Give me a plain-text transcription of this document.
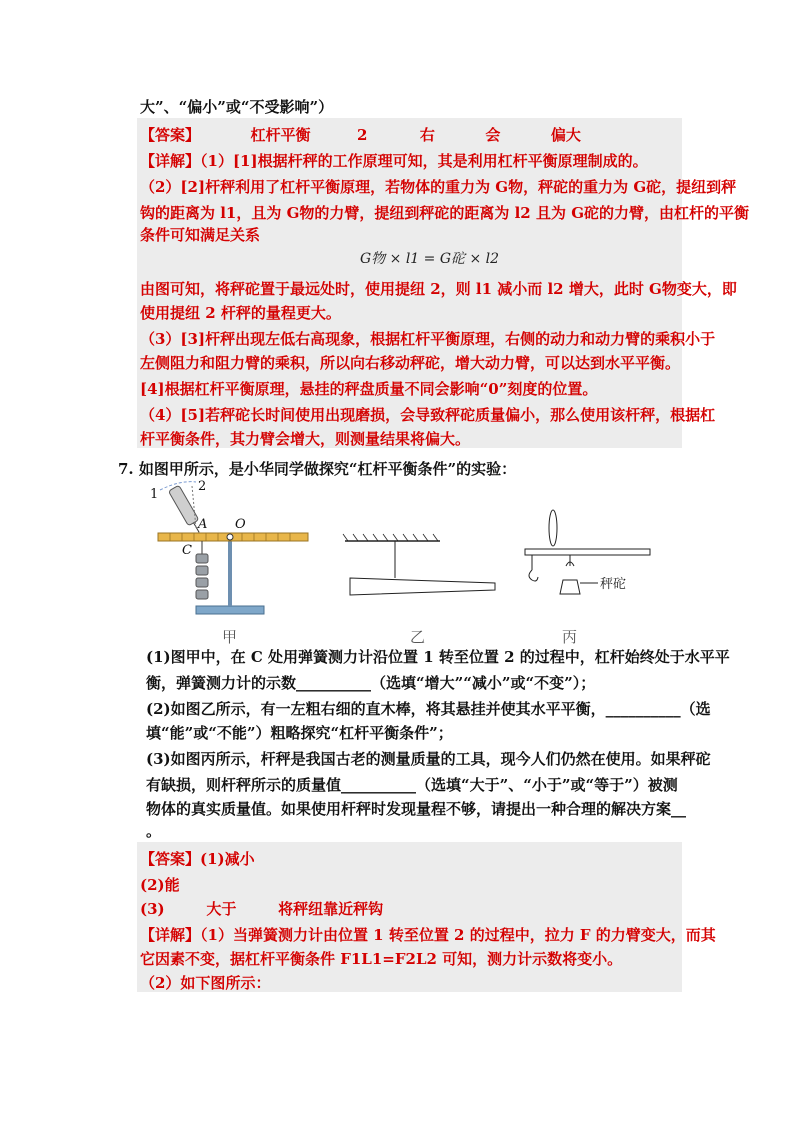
大”、“偏小”或“不受影响”）
【答案】	杠杆平衡	2	右	会	偏大
【详解】（1）[1]根据杆秤的工作原理可知，其是利用杠杆平衡原理制成的。
（2）[2]杆秤利用了杠杆平衡原理，若物体的重力为 G物，秤砣的重力为 G砣，提纽到秤
钩的距离为 l1，且为 G物的力臂，提纽到秤砣的距离为 l2 且为 G砣的力臂，由杠杆的平衡
条件可知满足关系
G物 × l1 = G砣 × l2
由图可知，将秤砣置于最远处时，使用提纽 2，则 l1 减小而 l2 增大，此时 G物变大，即
使用提纽 2 杆秤的量程更大。
（3）[3]杆秤出现左低右高现象，根据杠杆平衡原理，右侧的动力和动力臂的乘积小于
左侧阻力和阻力臂的乘积，所以向右移动秤砣，增大动力臂，可以达到水平平衡。
[4]根据杠杆平衡原理，悬挂的秤盘质量不同会影响“0”刻度的位置。
（4）[5]若秤砣长时间使用出现磨损，会导致秤砣质量偏小，那么使用该杆秤，根据杠
杆平衡条件，其力臂会增大，则测量结果将偏大。
7. 如图甲所示，是小华同学做探究“杠杆平衡条件”的实验：
1
2
A O
C
秤砣
甲	乙	丙
(1)图甲中，在 C 处用弹簧测力计沿位置 1 转至位置 2 的过程中，杠杆始终处于水平平
衡，弹簧测力计的示数__________（选填“增大”“减小”或“不变”）；
(2)如图乙所示，有一左粗右细的直木棒，将其悬挂并使其水平平衡，__________（选
填“能”或“不能”）粗略探究“杠杆平衡条件”；
(3)如图丙所示，杆秤是我国古老的测量质量的工具，现今人们仍然在使用。如果秤砣
有缺损，则杆秤所示的质量值__________（选填“大于”、“小于”或“等于”）被测
物体的真实质量值。如果使用杆秤时发现量程不够，请提出一种合理的解决方案__
。
【答案】(1)减小
(2)能
(3)        大于        将秤纽靠近秤钩
【详解】（1）当弹簧测力计由位置 1 转至位置 2 的过程中，拉力 F 的力臂变大，而其
它因素不变，据杠杆平衡条件 F1L1=F2L2 可知，测力计示数将变小。
（2）如下图所示：
